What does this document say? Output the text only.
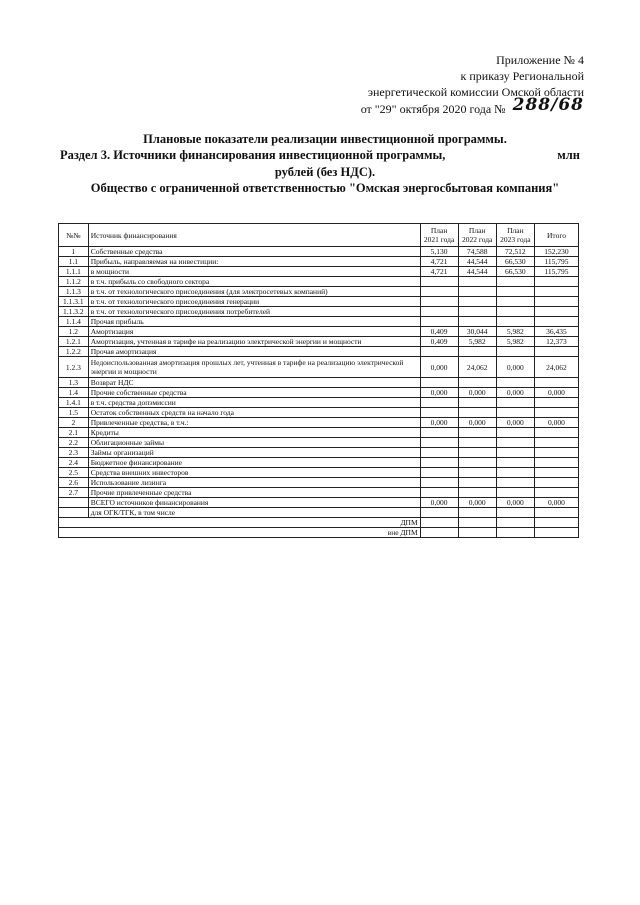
Приложение № 4
к приказу Региональной
энергетической комиссии Омской области
от "29" октября 2020 года № 288/68
Плановые показатели реализации инвестиционной программы.
Раздел 3. Источники финансирования инвестиционной программы,	млн
рублей (без НДС).
Общество с ограниченной ответственностью "Омская энергосбытовая компания"
№№	Источник финансирования	План 2021 года	План 2022 года	План 2023 года	Итого
1	Собственные средства	5,130	74,588	72,512	152,230
1.1	Прибыль, направляемая на инвестиции:	4,721	44,544	66,530	115,795
1.1.1	в мощности	4,721	44,544	66,530	115,795
1.1.2	в т.ч. прибыль со свободного сектора				
1.1.3	в т.ч. от технологического присоединения (для электросетевых компаний)				
1.1.3.1	в т.ч. от технологического присоединения генерации				
1.1.3.2	в т.ч. от технологического присоединения потребителей				
1.1.4	Прочая прибыль				
1.2	Амортизация	0,409	30,044	5,982	36,435
1.2.1	Амортизация, учтенная в тарифе на реализацию электрической энергии и мощности	0,409	5,982	5,982	12,373
1.2.2	Прочая амортизация				
1.2.3	Недоиспользованная амортизация прошлых лет, учтенная в тарифе на реализацию электрической энергии и мощности	0,000	24,062	0,000	24,062
1.3	Возврат НДС				
1.4	Прочие собственные средства	0,000	0,000	0,000	0,000
1.4.1	в т.ч. средства допэмиссии				
1.5	Остаток собственных средств на начало года				
2	Привлеченные средства, в т.ч.:	0,000	0,000	0,000	0,000
2.1	Кредиты				
2.2	Облигационные займы				
2.3	Займы организаций				
2.4	Бюджетное финансирование				
2.5	Средства внешних инвесторов				
2.6	Использование лизинга				
2.7	Прочие привлеченные средства				
	ВСЕГО источников финансирования	0,000	0,000	0,000	0,000
	для ОГК/ТГК, в том числе				
ДПМ					
вне ДПМ					
